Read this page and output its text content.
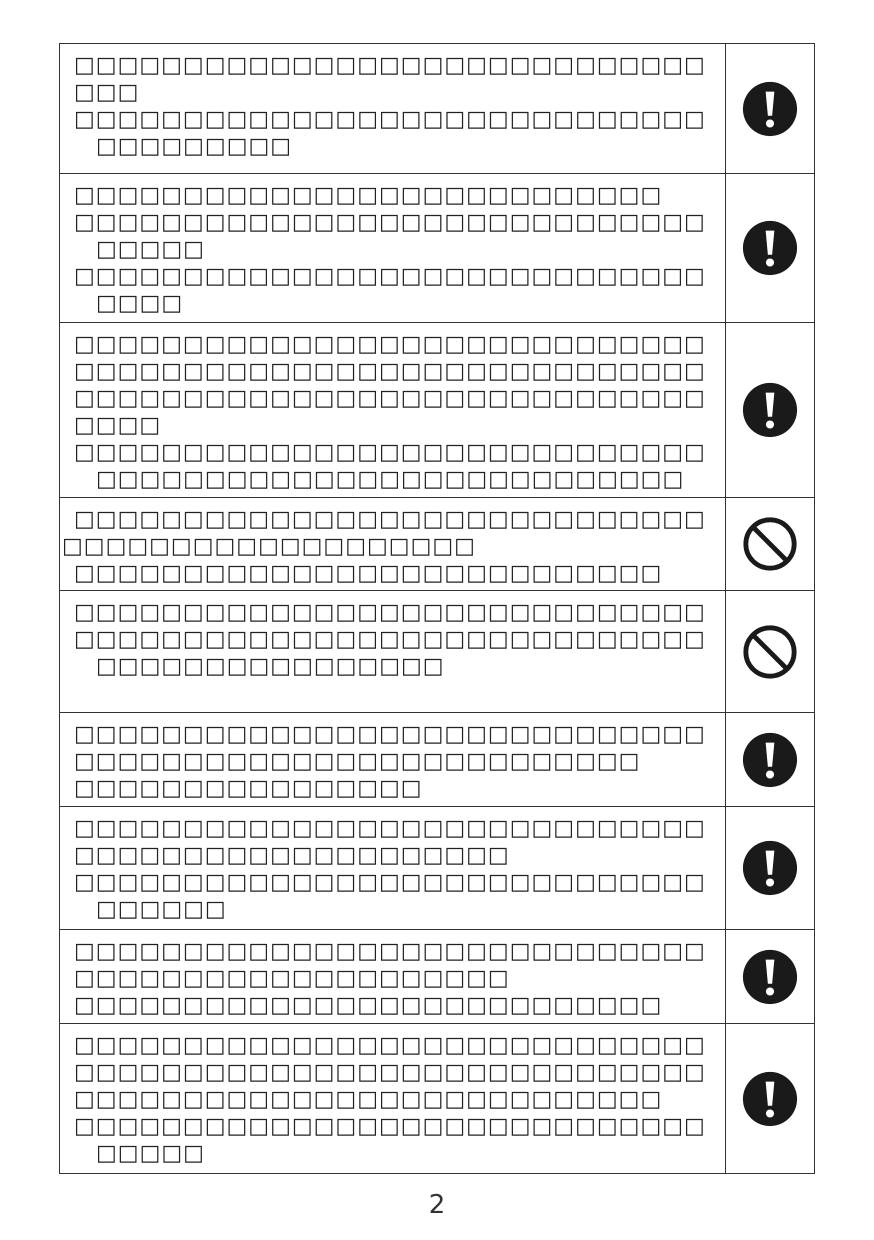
□□□□□□□□□□□□□□□□□□□□□□□□□□□□□
□□□
□□□□□□□□□□□□□□□□□□□□□□□□□□□□□
□□□□□□□□□
□□□□□□□□□□□□□□□□□□□□□□□□□□□
□□□□□□□□□□□□□□□□□□□□□□□□□□□□□
□□□□□
□□□□□□□□□□□□□□□□□□□□□□□□□□□□□
□□□□
□□□□□□□□□□□□□□□□□□□□□□□□□□□□□
□□□□□□□□□□□□□□□□□□□□□□□□□□□□□
□□□□□□□□□□□□□□□□□□□□□□□□□□□□□
□□□□
□□□□□□□□□□□□□□□□□□□□□□□□□□□□□
□□□□□□□□□□□□□□□□□□□□□□□□□□□
□□□□□□□□□□□□□□□□□□□□□□□□□□□□□
□□□□□□□□□□□□□□□□□□□
□□□□□□□□□□□□□□□□□□□□□□□□□□□
□□□□□□□□□□□□□□□□□□□□□□□□□□□□□
□□□□□□□□□□□□□□□□□□□□□□□□□□□□□
□□□□□□□□□□□□□□□□
□□□□□□□□□□□□□□□□□□□□□□□□□□□□□
□□□□□□□□□□□□□□□□□□□□□□□□□□
□□□□□□□□□□□□□□□□
□□□□□□□□□□□□□□□□□□□□□□□□□□□□□
□□□□□□□□□□□□□□□□□□□□
□□□□□□□□□□□□□□□□□□□□□□□□□□□□□
□□□□□□
□□□□□□□□□□□□□□□□□□□□□□□□□□□□□
□□□□□□□□□□□□□□□□□□□□
□□□□□□□□□□□□□□□□□□□□□□□□□□□
□□□□□□□□□□□□□□□□□□□□□□□□□□□□□
□□□□□□□□□□□□□□□□□□□□□□□□□□□□□
□□□□□□□□□□□□□□□□□□□□□□□□□□□
□□□□□□□□□□□□□□□□□□□□□□□□□□□□□
□□□□□
2
